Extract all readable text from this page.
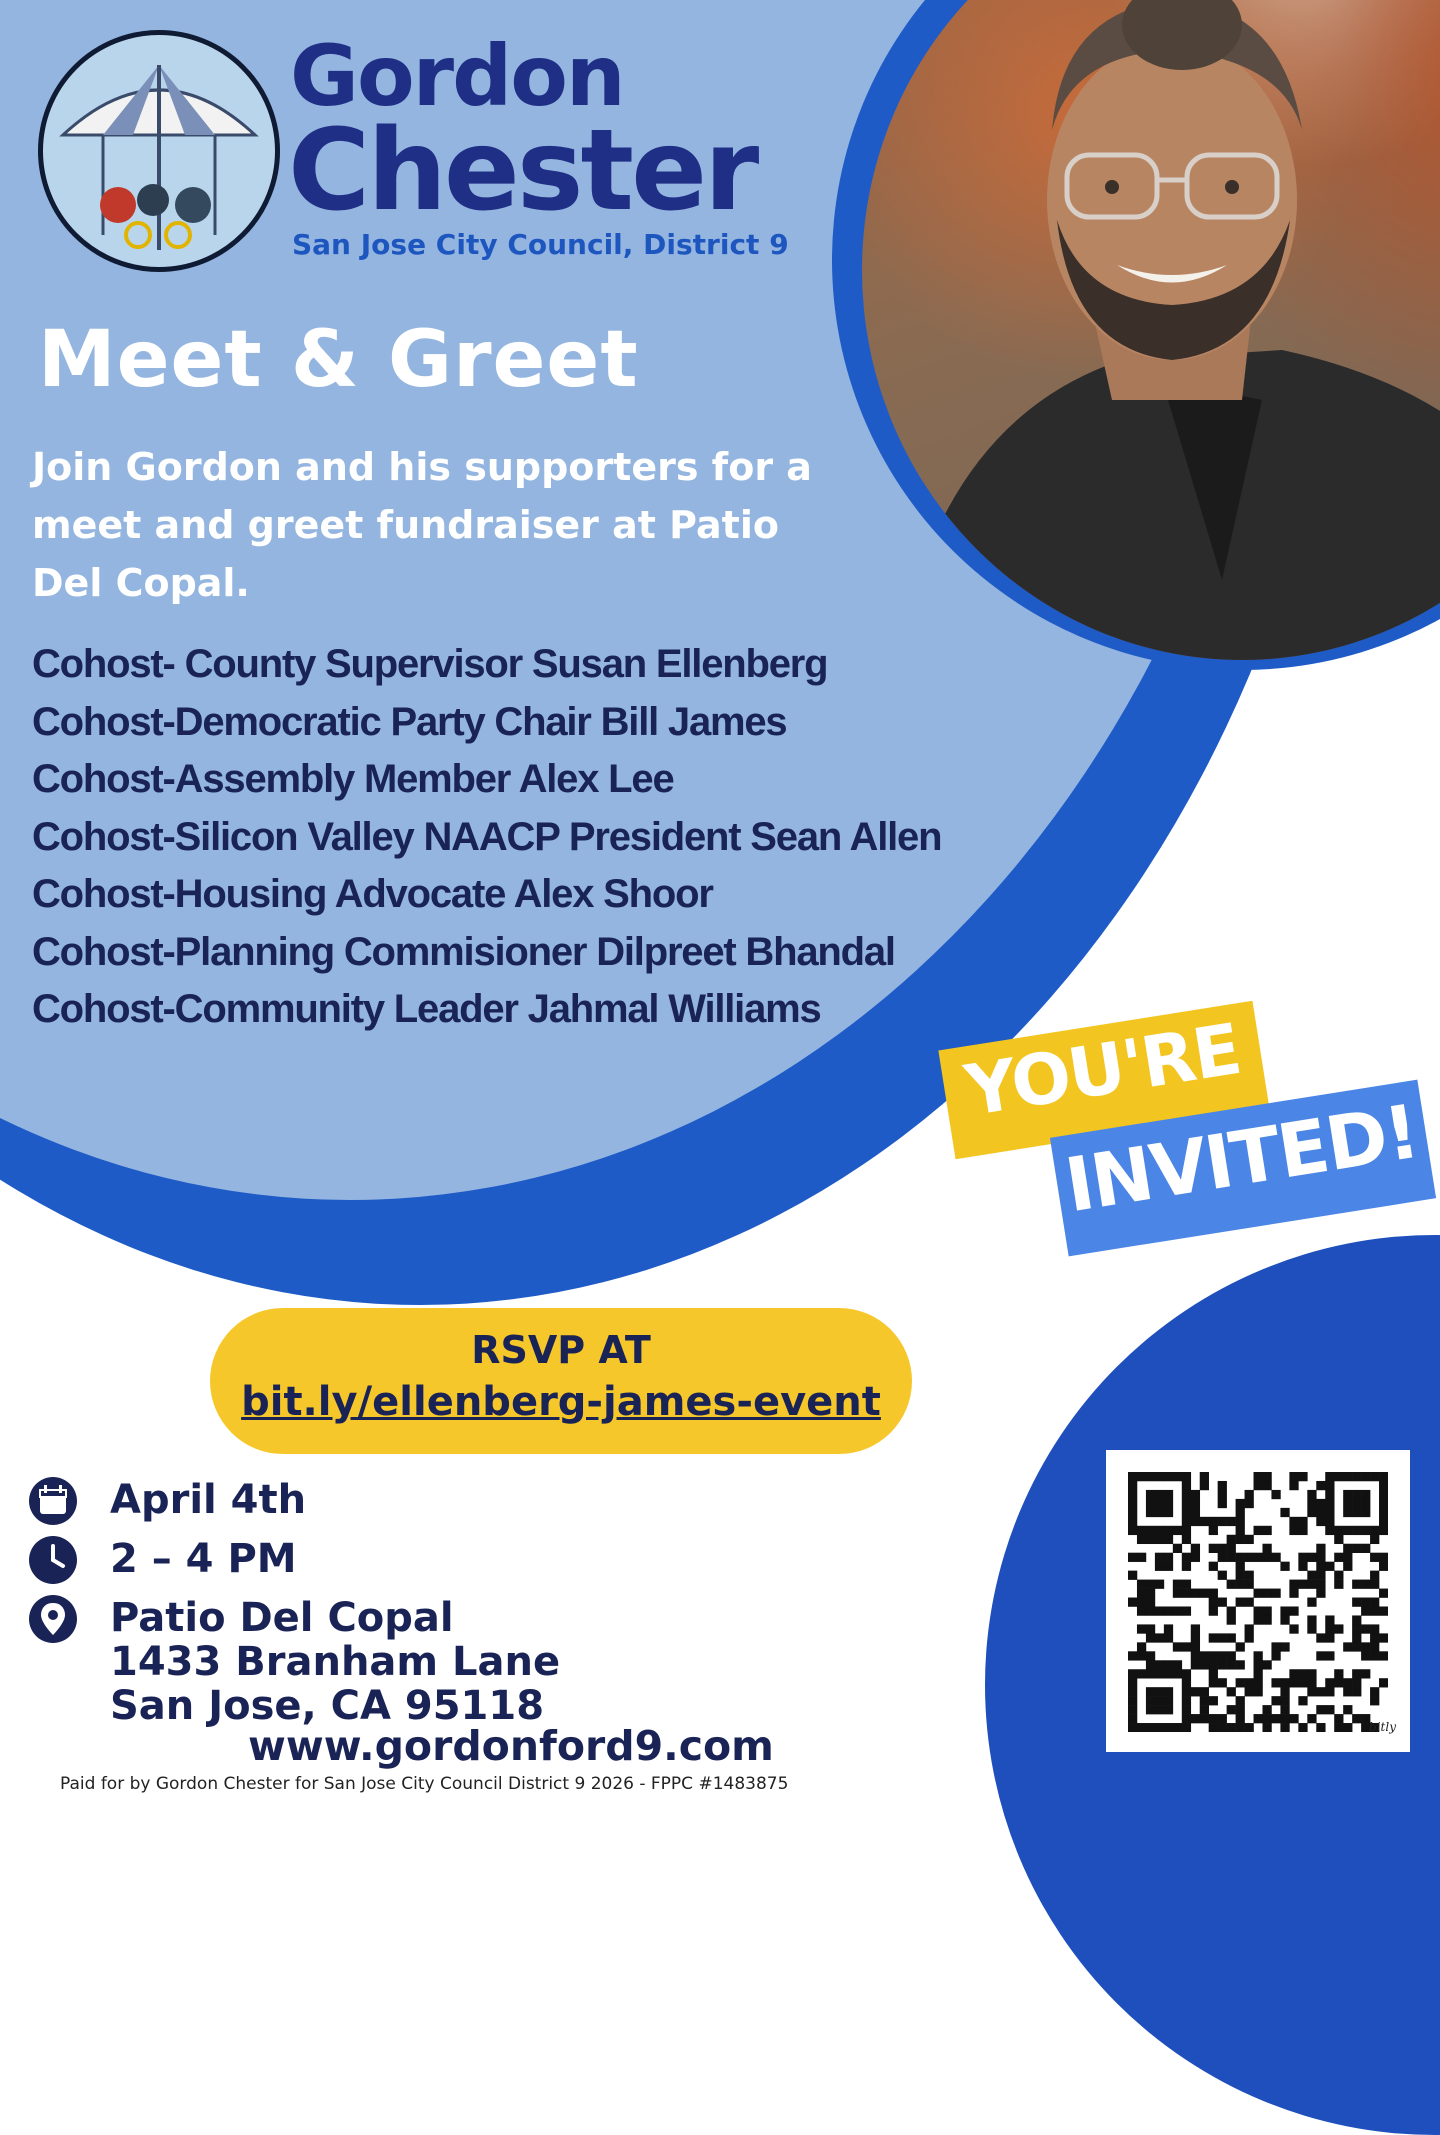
Gordon
Chester
San Jose City Council, District 9
Meet & Greet
Join Gordon and his supporters for a meet and greet fundraiser at Patio Del Copal.
Cohost- County Supervisor Susan Ellenberg
Cohost-Democratic Party Chair Bill James
Cohost-Assembly Member Alex Lee
Cohost-Silicon Valley NAACP President Sean Allen
Cohost-Housing Advocate Alex Shoor
Cohost-Planning Commisioner Dilpreet Bhandal
Cohost-Community Leader Jahmal Williams	YOU'RE
INVITED!
RSVP AT
bit.ly/ellenberg-james-event
April 4th
2 – 4 PM
Patio Del Copal
1433 Branham Lane
San Jose, CA 95118
www.gordonford9.com
Paid for by Gordon Chester for San Jose City Council District 9 2026 - FPPC #1483875
bitly
